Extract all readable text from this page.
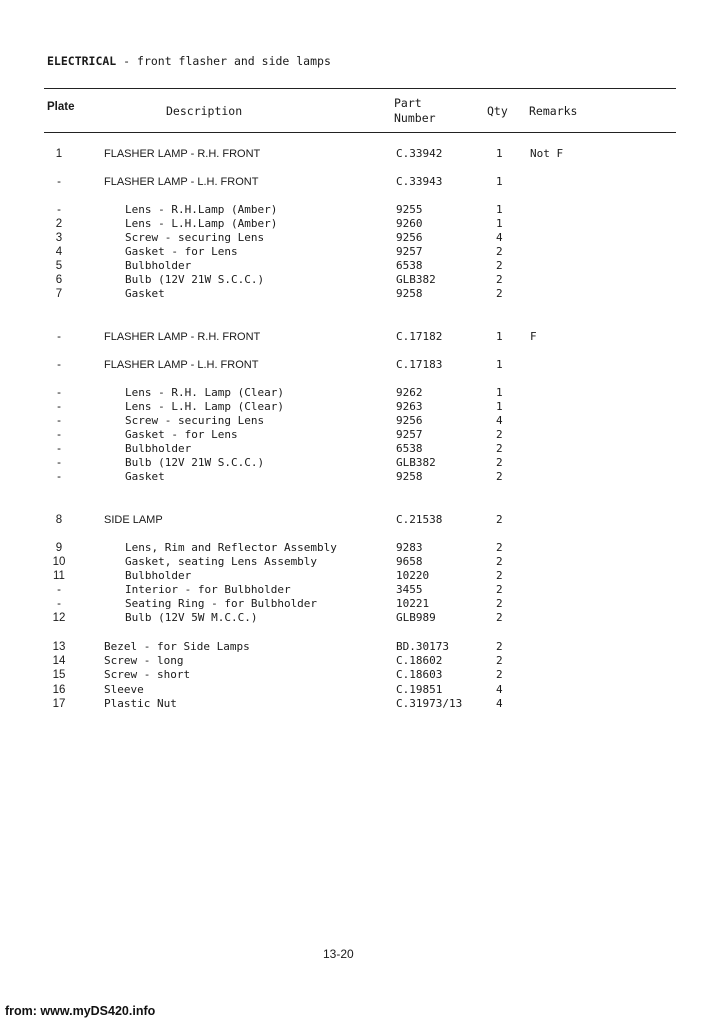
ELECTRICAL - front flasher and side lamps
Plate	Description
Part
Number	Qty Remarks
1	FLASHER LAMP - R.H. FRONT	C.33942	1 Not F
-	FLASHER LAMP - L.H. FRONT	C.33943	1
-	Lens - R.H.Lamp (Amber)	9255	1
2	Lens - L.H.Lamp (Amber)	9260	1
3	Screw - securing Lens	9256	4
4	Gasket - for Lens	9257	2
5	Bulbholder	6538	2
6	Bulb (12V 21W S.C.C.)	GLB382	2
7	Gasket	9258	2
-	FLASHER LAMP - R.H. FRONT	C.17182	1 F
-	FLASHER LAMP - L.H. FRONT	C.17183	1
-	Lens - R.H. Lamp (Clear)	9262	1
-	Lens - L.H. Lamp (Clear)	9263	1
-	Screw - securing Lens	9256	4
-	Gasket - for Lens	9257	2
-	Bulbholder	6538	2
-	Bulb (12V 21W S.C.C.)	GLB382	2
-	Gasket	9258	2
8	SIDE LAMP	C.21538	2
9	Lens, Rim and Reflector Assembly	9283	2
10	Gasket, seating Lens Assembly	9658	2
11	Bulbholder	10220	2
-	Interior - for Bulbholder	3455	2
-	Seating Ring - for Bulbholder	10221	2
12	Bulb (12V 5W M.C.C.)	GLB989	2
13	Bezel - for Side Lamps	BD.30173	2
14	Screw - long	C.18602	2
15	Screw - short	C.18603	2
16	Sleeve	C.19851	4
17	Plastic Nut	C.31973/13	4
13-20
from: www.myDS420.info
